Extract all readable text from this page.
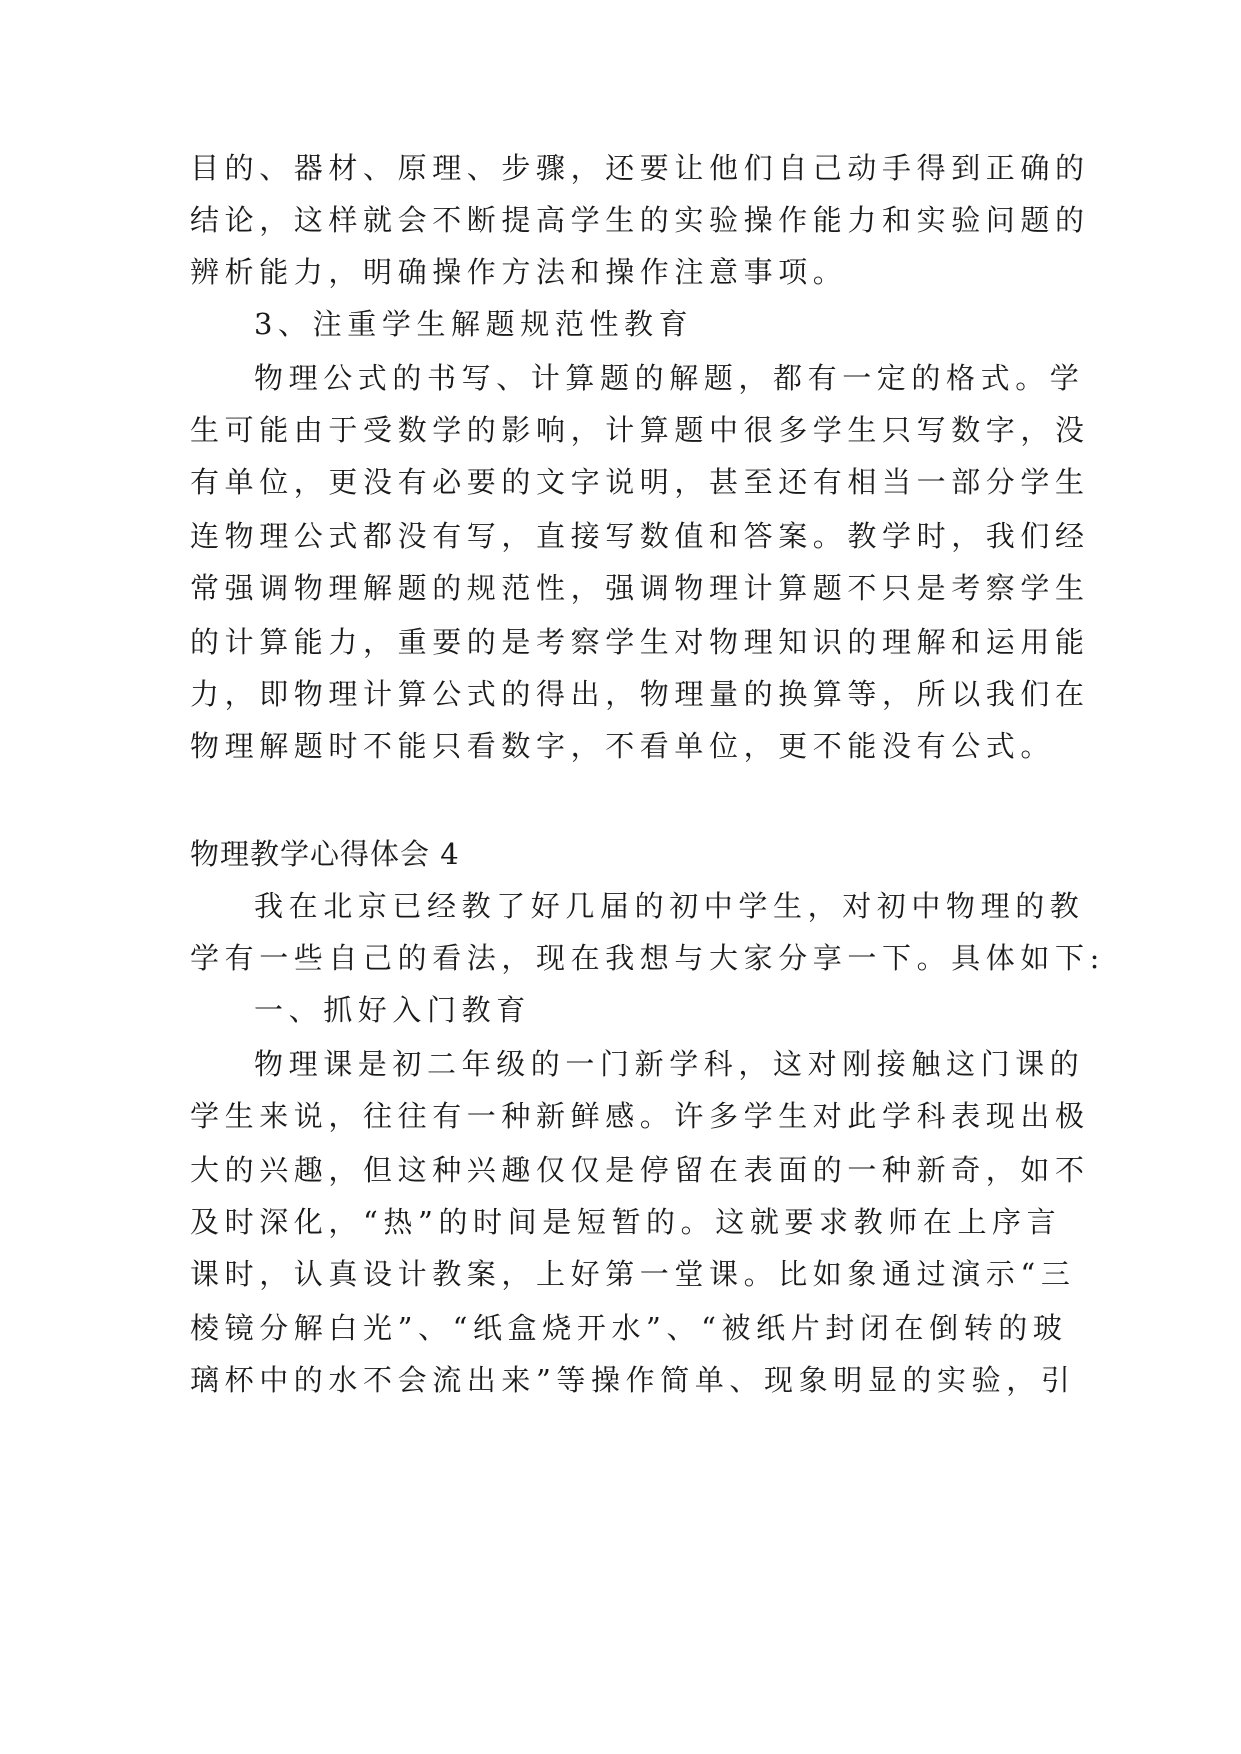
目的、器材、原理、步骤，还要让他们自己动手得到正确的
结论，这样就会不断提高学生的实验操作能力和实验问题的
辨析能力，明确操作方法和操作注意事项。
3、注重学生解题规范性教育
物理公式的书写、计算题的解题，都有一定的格式。学
生可能由于受数学的影响，计算题中很多学生只写数字，没
有单位，更没有必要的文字说明，甚至还有相当一部分学生
连物理公式都没有写，直接写数值和答案。教学时，我们经
常强调物理解题的规范性，强调物理计算题不只是考察学生
的计算能力，重要的是考察学生对物理知识的理解和运用能
力，即物理计算公式的得出，物理量的换算等，所以我们在
物理解题时不能只看数字，不看单位，更不能没有公式。
物理教学心得体会 4
我在北京已经教了好几届的初中学生，对初中物理的教
学有一些自己的看法，现在我想与大家分享一下。具体如下:
一、抓好入门教育
物理课是初二年级的一门新学科，这对刚接触这门课的
学生来说，往往有一种新鲜感。许多学生对此学科表现出极
大的兴趣，但这种兴趣仅仅是停留在表面的一种新奇，如不
及时深化，“热”的时间是短暂的。这就要求教师在上序言
课时，认真设计教案，上好第一堂课。比如象通过演示“三
棱镜分解白光”、“纸盒烧开水”、“被纸片封闭在倒转的玻
璃杯中的水不会流出来”等操作简单、现象明显的实验，引
